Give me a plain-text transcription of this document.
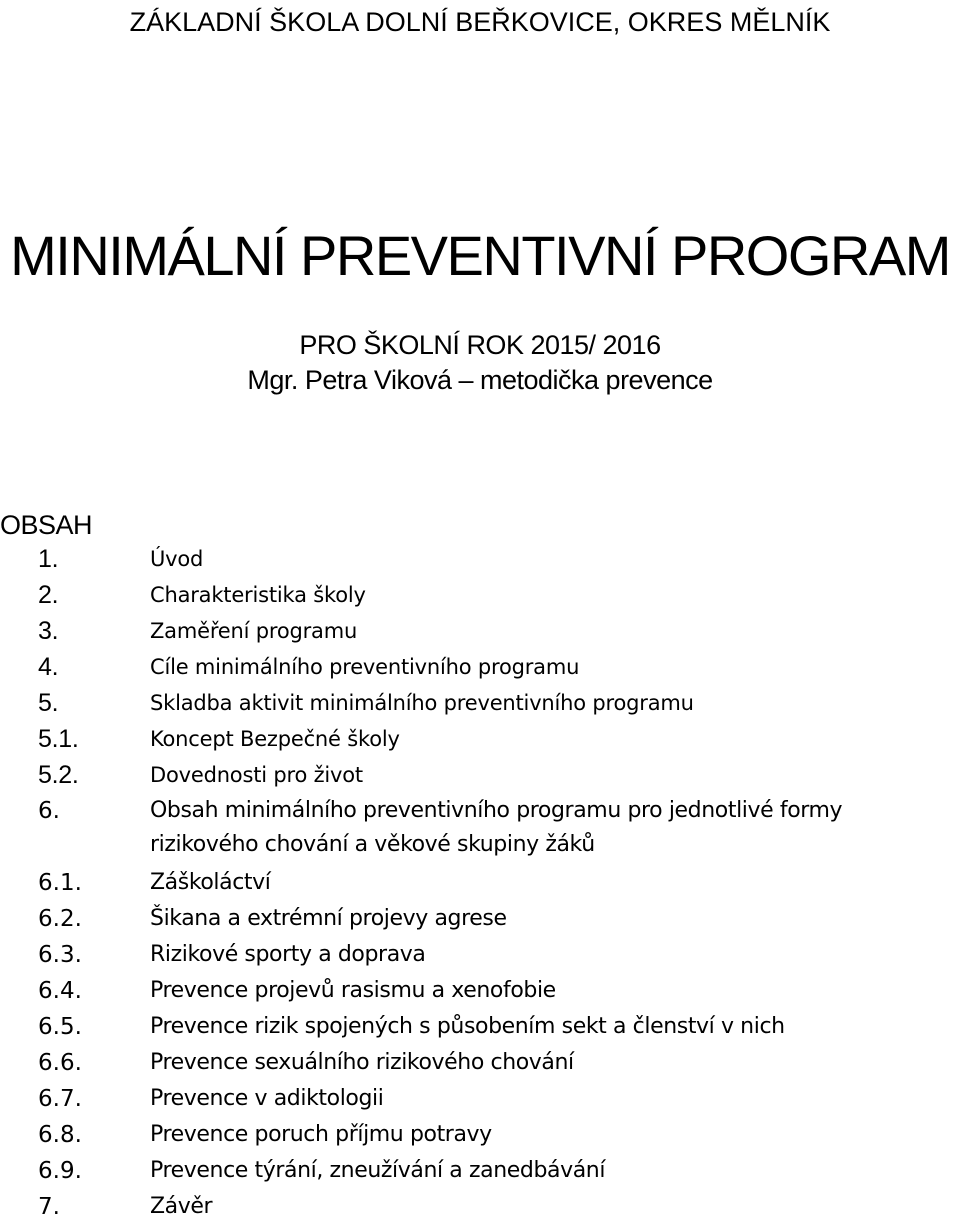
ZÁKLADNÍ ŠKOLA DOLNÍ BEŘKOVICE, OKRES MĚLNÍK
MINIMÁLNÍ PREVENTIVNÍ PROGRAM
PRO ŠKOLNÍ ROK 2015/ 2016
Mgr. Petra Viková – metodička prevence
OBSAH
1.	Úvod
2.	Charakteristika školy
3.	Zaměření programu
4.	Cíle minimálního preventivního programu
5.	Skladba aktivit minimálního preventivního programu
5.1.	Koncept Bezpečné školy
5.2.	Dovednosti pro život
6.	Obsah minimálního preventivního programu pro jednotlivé formy rizikového chování a věkové skupiny žáků
6.1.	Záškoláctví
6.2.	Šikana a extrémní projevy agrese
6.3.	Rizikové sporty a doprava
6.4.	Prevence projevů rasismu a xenofobie
6.5.	Prevence rizik spojených s působením sekt a členství v nich
6.6.	Prevence sexuálního rizikového chování
6.7.	Prevence v adiktologii
6.8.	Prevence poruch příjmu potravy
6.9.	Prevence týrání, zneužívání a zanedbávání
7.	Závěr
